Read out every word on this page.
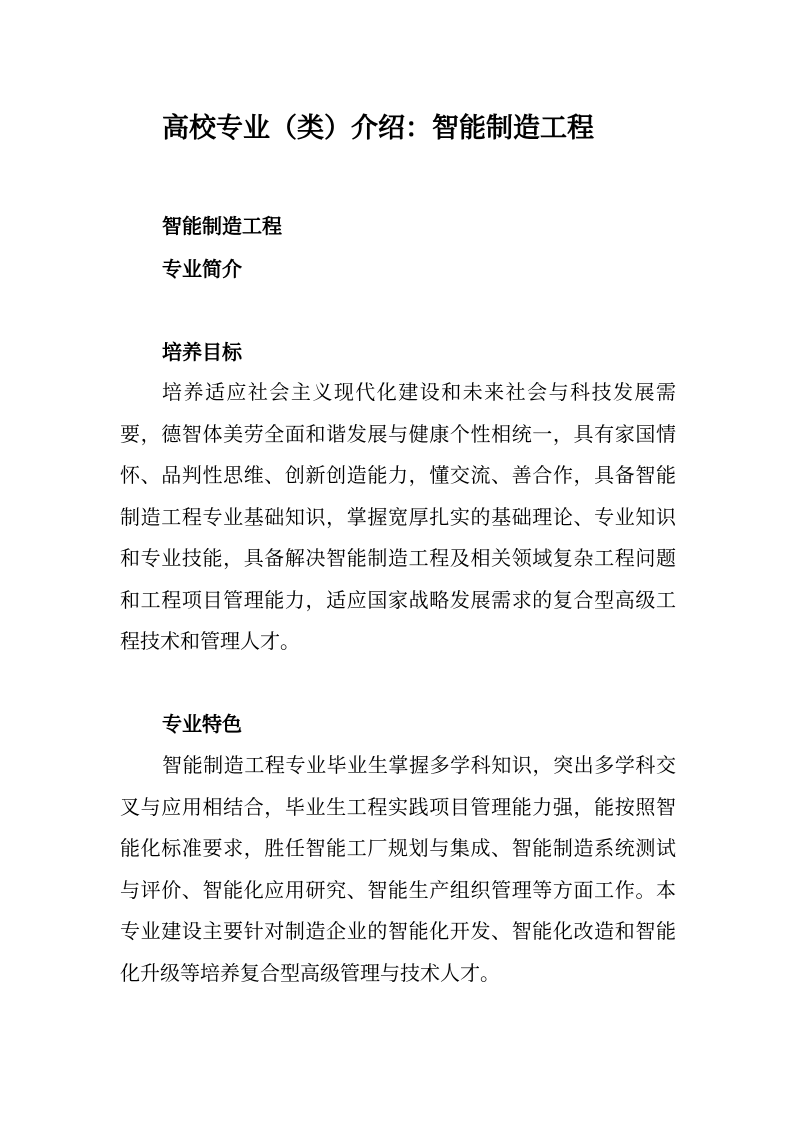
高校专业（类）介绍：智能制造工程
智能制造工程
专业简介
培养目标

培养适应社会主义现代化建设和未来社会与科技发展需要，德智体美劳全面和谐发展与健康个性相统一，具有家国情怀、品判性思维、创新创造能力，懂交流、善合作，具备智能制造工程专业基础知识，掌握宽厚扎实的基础理论、专业知识和专业技能，具备解决智能制造工程及相关领域复杂工程问题和工程项目管理能力，适应国家战略发展需求的复合型高级工程技术和管理人才。

专业特色

智能制造工程专业毕业生掌握多学科知识，突出多学科交叉与应用相结合，毕业生工程实践项目管理能力强，能按照智能化标准要求，胜任智能工厂规划与集成、智能制造系统测试与评价、智能化应用研究、智能生产组织管理等方面工作。本专业建设主要针对制造企业的智能化开发、智能化改造和智能化升级等培养复合型高级管理与技术人才。
